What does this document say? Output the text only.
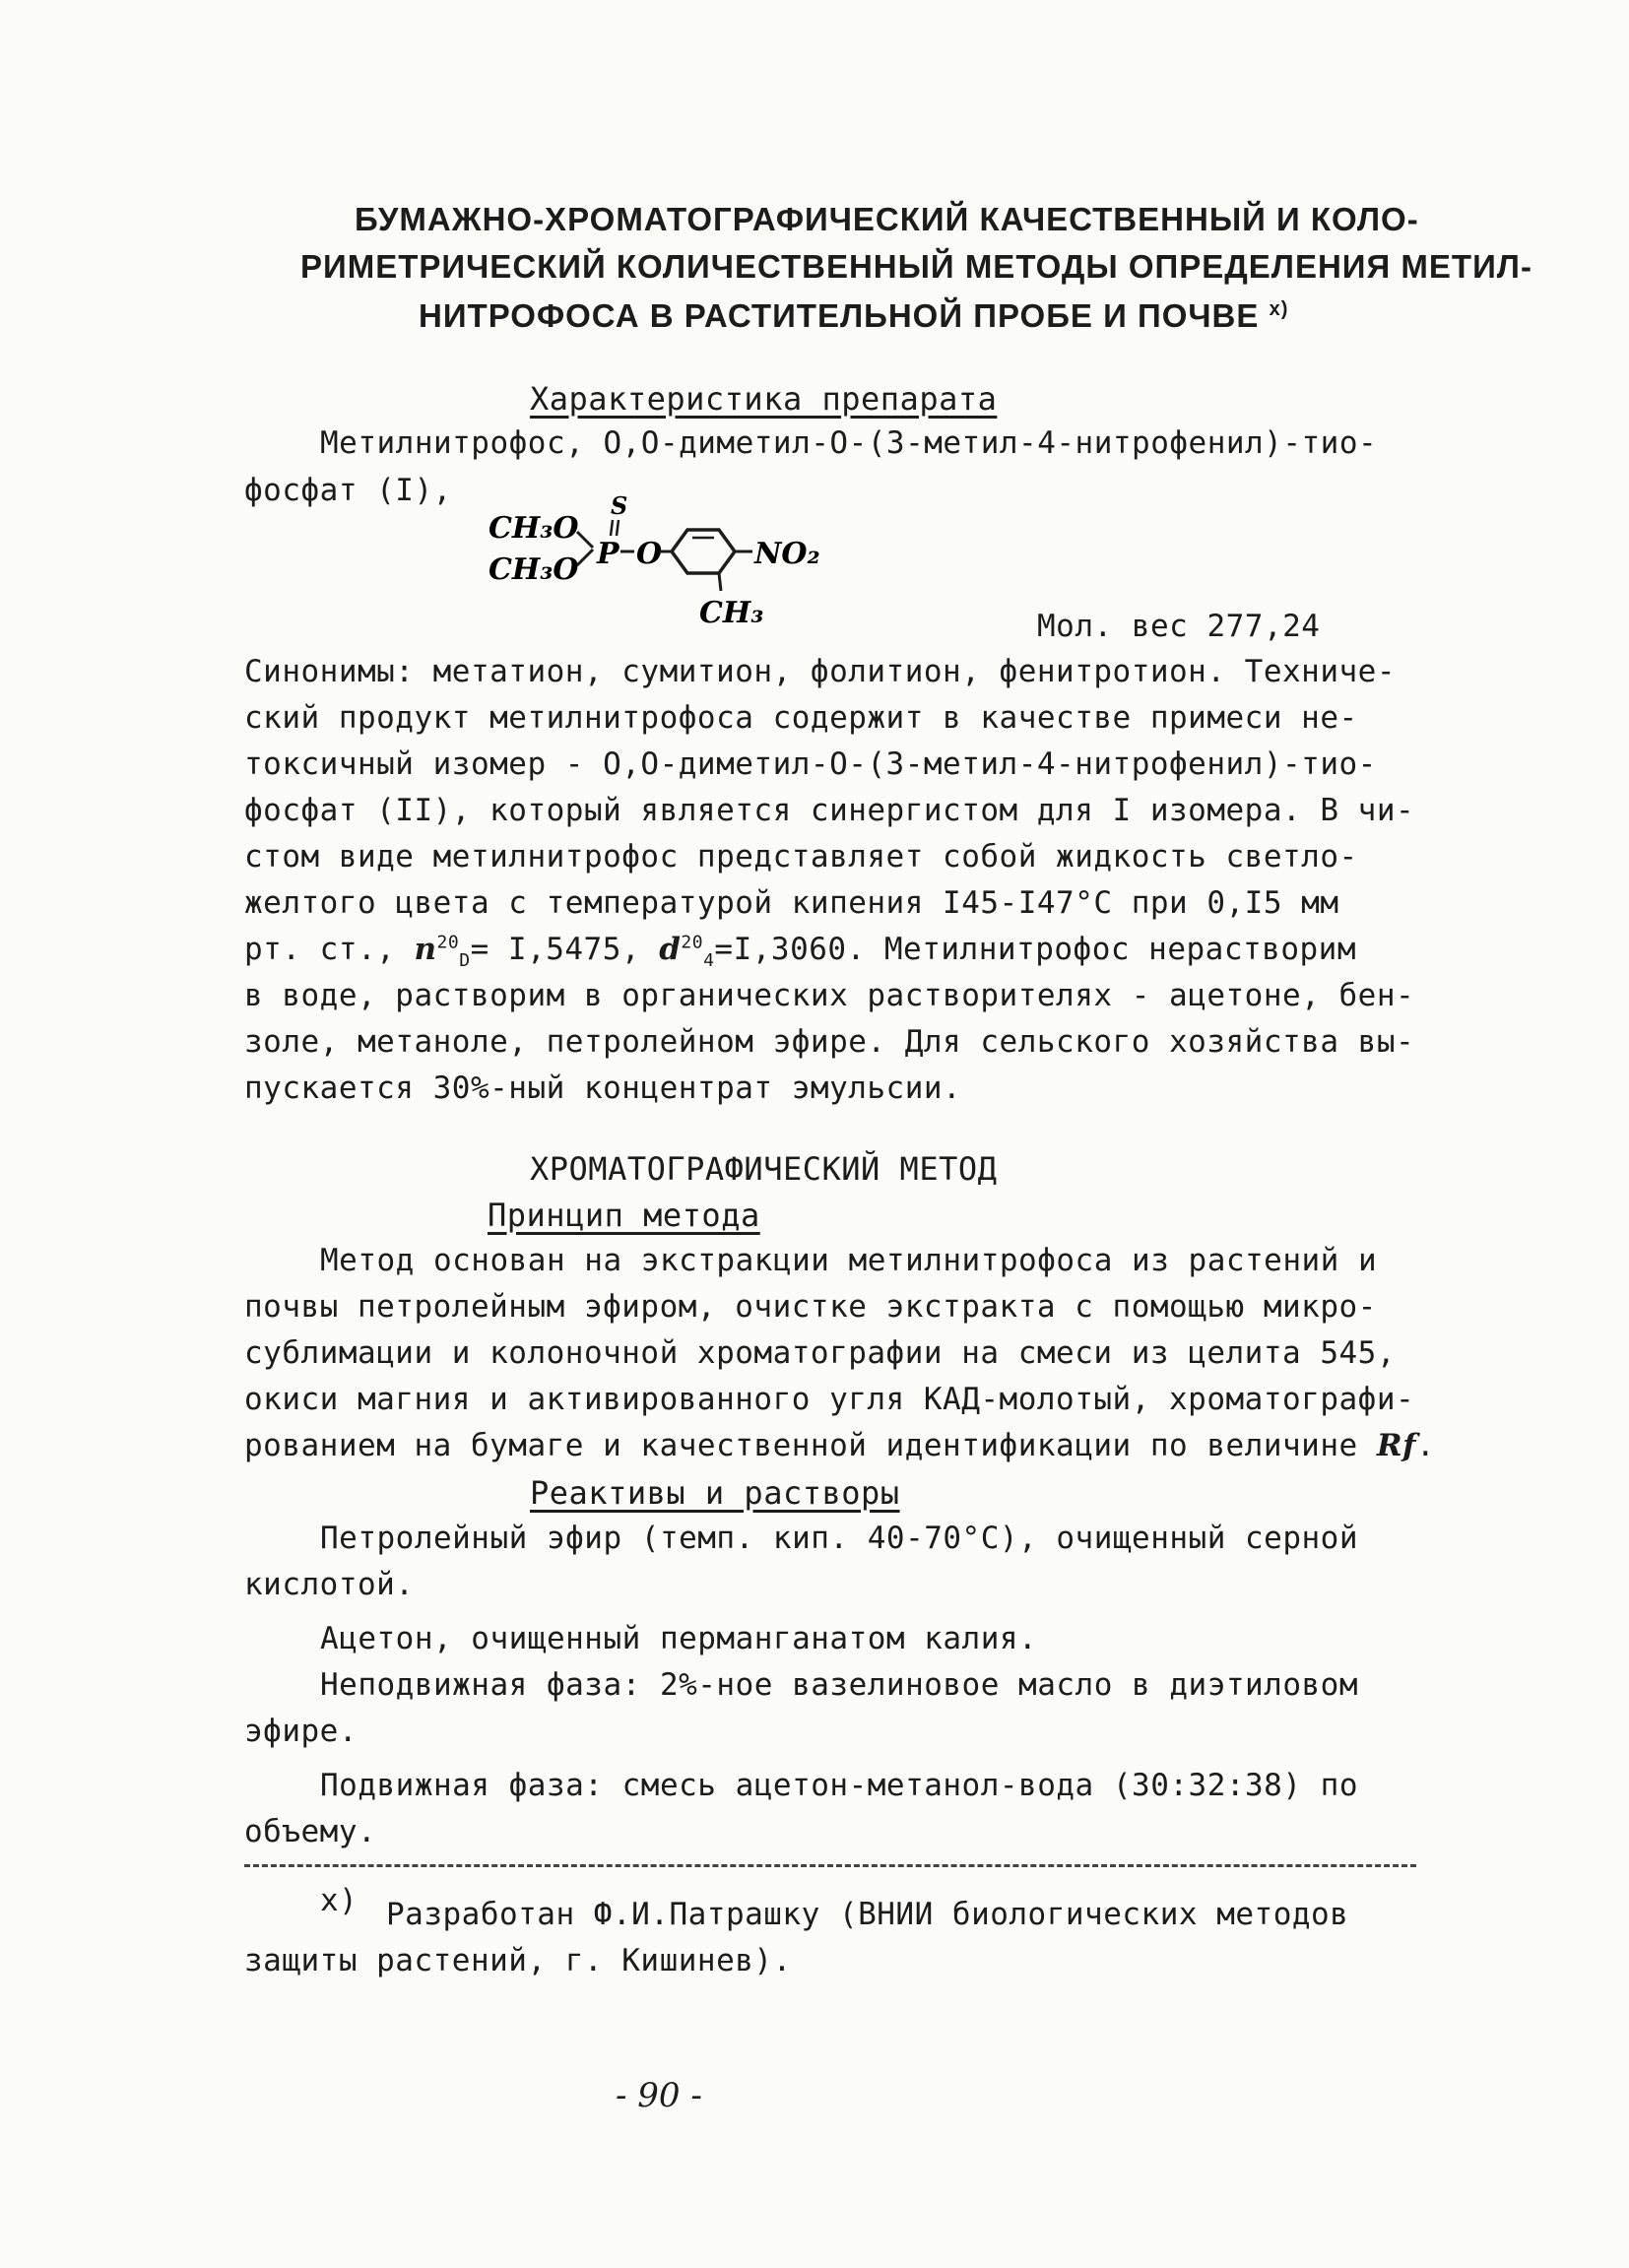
БУМАЖНО-ХРОМАТОГРАФИЧЕСКИЙ КАЧЕСТВЕННЫЙ И КОЛО-
РИМЕТРИЧЕСКИЙ КОЛИЧЕСТВЕННЫЙ МЕТОДЫ ОПРЕДЕЛЕНИЯ МЕТИЛ-
НИТРОФОСА В РАСТИТЕЛЬНОЙ ПРОБЕ И ПОЧВЕ $^{х)}$
Характеристика препарата
Метилнитрофос, О,О-диметил-О-(3-метил-4-нитрофенил)-тио-
фосфат (I),
CH₃O
CH₃O
S
P O	NO₂
CH₃	Мол. вес 277,24
Синонимы: метатион, сумитион, фолитион, фенитротион. Техниче-
ский продукт метилнитрофоса содержит в качестве примеси не-
токсичный изомер - О,О-диметил-О-(3-метил-4-нитрофенил)-тио-
фосфат (II), который является синергистом для I изомера. В чи-
стом виде метилнитрофос представляет собой жидкость светло-
желтого цвета с температурой кипения I45-I47°С при 0,I5 мм
рт. ст., $n^{20}_D= I,5475$, $d^{20}_4=I,3060$. Метилнитрофос нерастворим
в воде, растворим в органических растворителях - ацетоне, бен-
золе, метаноле, петролейном эфире. Для сельского хозяйства вы-
пускается 30%-ный концентрат эмульсии.
ХРОМАТОГРАФИЧЕСКИЙ МЕТОД
Принцип метода
Метод основан на экстракции метилнитрофоса из растений и
почвы петролейным эфиром, очистке экстракта с помощью микро-
сублимации и колоночной хроматографии на смеси из целита 545,
окиси магния и активированного угля КАД-молотый, хроматографи-
рованием на бумаге и качественной идентификации по величине Rf.
Реактивы и растворы
Петролейный эфир (темп. кип. 40-70°С), очищенный серной
кислотой.
Ацетон, очищенный перманганатом калия.
Неподвижная фаза: 2%-ное вазелиновое масло в диэтиловом
эфире.
Подвижная фаза: смесь ацетон-метанол-вода (30:32:38) по
объему.
х) Разработан Ф.И.Патрашку (ВНИИ биологических методов
защиты растений, г. Кишинев).
- 90 -
